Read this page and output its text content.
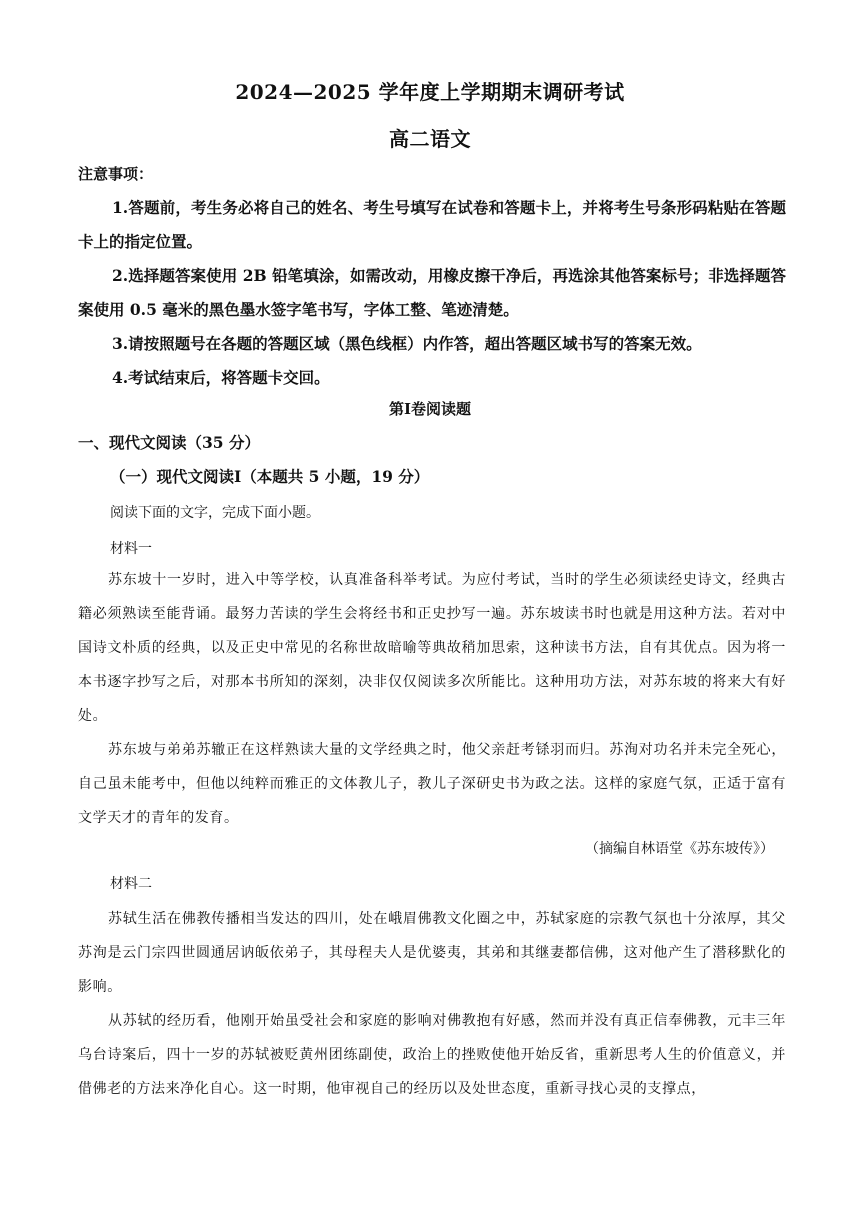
2024—2025 学年度上学期期末调研考试
高二语文
注意事项：
1.答题前，考生务必将自己的姓名、考生号填写在试卷和答题卡上，并将考生号条形码粘贴在答题卡上的指定位置。
2.选择题答案使用 2B 铅笔填涂，如需改动，用橡皮擦干净后，再选涂其他答案标号；非选择题答案使用 0.5 毫米的黑色墨水签字笔书写，字体工整、笔迹清楚。
3.请按照题号在各题的答题区域（黑色线框）内作答，超出答题区域书写的答案无效。
4.考试结束后，将答题卡交回。
第Ⅰ卷阅读题
一、现代文阅读（35 分）
（一）现代文阅读Ⅰ（本题共 5 小题，19 分）
阅读下面的文字，完成下面小题。
材料一
苏东坡十一岁时，进入中等学校，认真准备科举考试。为应付考试，当时的学生必须读经史诗文，经典古籍必须熟读至能背诵。最努力苦读的学生会将经书和正史抄写一遍。苏东坡读书时也就是用这种方法。若对中国诗文朴质的经典，以及正史中常见的名称世故暗喻等典故稍加思索，这种读书方法，自有其优点。因为将一本书逐字抄写之后，对那本书所知的深刻，决非仅仅阅读多次所能比。这种用功方法，对苏东坡的将来大有好处。
苏东坡与弟弟苏辙正在这样熟读大量的文学经典之时，他父亲赶考铩羽而归。苏洵对功名并未完全死心，自己虽未能考中，但他以纯粹而雅正的文体教儿子，教儿子深研史书为政之法。这样的家庭气氛，正适于富有文学天才的青年的发育。
（摘编自林语堂《苏东坡传》）
材料二
苏轼生活在佛教传播相当发达的四川，处在峨眉佛教文化圈之中，苏轼家庭的宗教气氛也十分浓厚，其父苏洵是云门宗四世圆通居讷皈依弟子，其母程夫人是优婆夷，其弟和其继妻都信佛，这对他产生了潜移默化的影响。
从苏轼的经历看，他刚开始虽受社会和家庭的影响对佛教抱有好感，然而并没有真正信奉佛教，元丰三年乌台诗案后，四十一岁的苏轼被贬黄州团练副使，政治上的挫败使他开始反省，重新思考人生的价值意义，并借佛老的方法来净化自心。这一时期，他审视自己的经历以及处世态度，重新寻找心灵的支撑点，
